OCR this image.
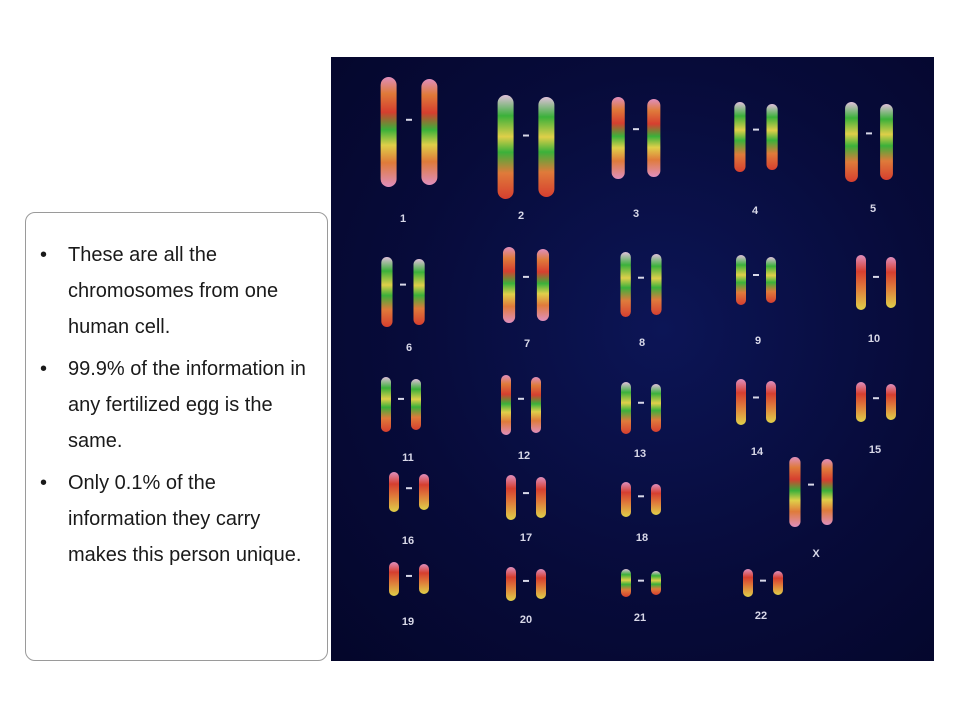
• These are all the chromosomes from one human cell.
• 99.9% of the information in any fertilized egg is the same.
• Only 0.1% of the information they carry makes this person unique.
1	2	3	4	5
6	7	8	9	10
11	12	13	14	15
16	17	18
X
19	20	21	22
